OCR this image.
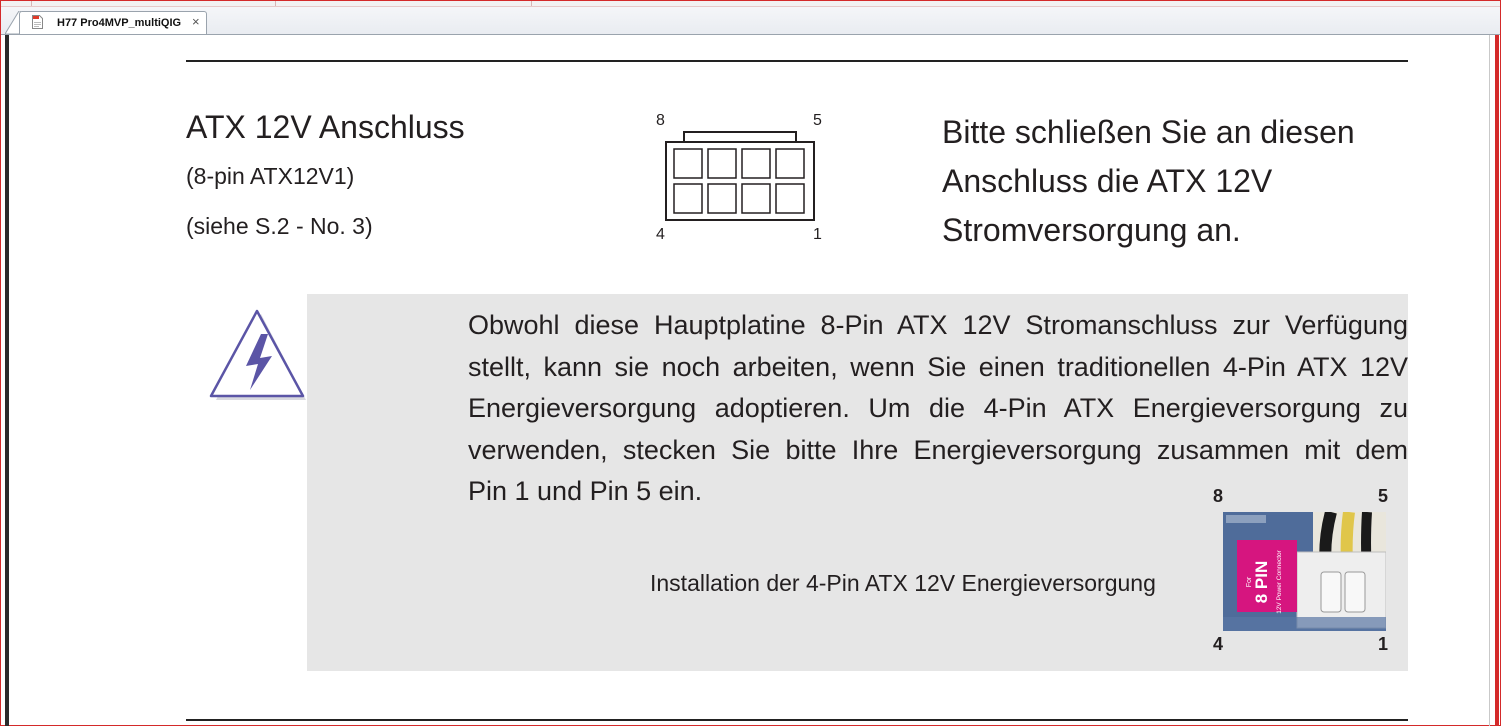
H77 Pro4MVP_multiQIG ×
ATX 12V Anschluss
(8-pin ATX12V1)
(siehe S.2 - No. 3)
8	5
4	1
Bitte schließen Sie an diesen
Anschluss die ATX 12V
Stromversorgung an.
Obwohl diese Hauptplatine 8-Pin ATX 12V Stromanschluss zur Verfügung
stellt, kann sie noch arbeiten, wenn Sie einen traditionellen 4-Pin ATX 12V
Energieversorgung adoptieren. Um die 4-Pin ATX Energieversorgung zu
verwenden, stecken Sie bitte Ihre Energieversorgung zusammen mit dem
Pin 1 und Pin 5 ein.
Installation der 4-Pin ATX 12V Energieversorgung
8	5
4	1
8 PIN
For	12V Power Connector
